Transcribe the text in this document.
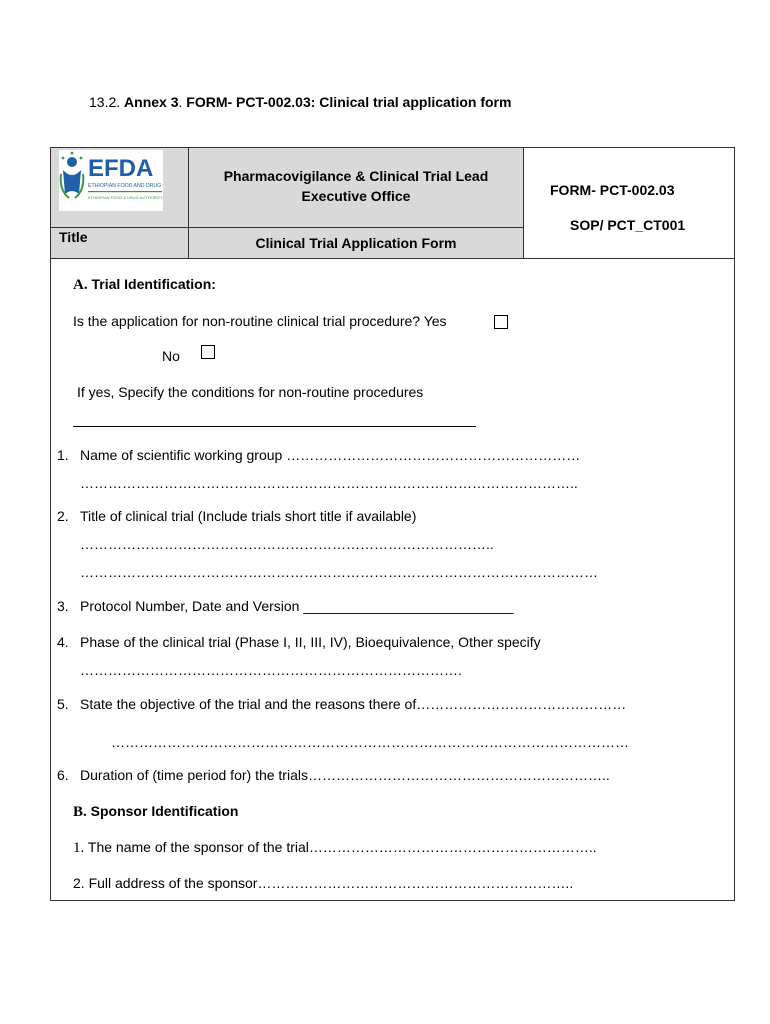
13.2. Annex 3. FORM- PCT-002.03: Clinical trial application form
EFDA
ETHIOPIAN FOOD AND DRUG
ETHIOPIAN FOOD & DRUG AUTHORITY
Title
Pharmacovigilance & Clinical Trial Lead
Executive Office
Clinical Trial Application Form
FORM- PCT-002.03
SOP/ PCT_CT001
A. Trial Identification:
Is the application for non-routine clinical trial procedure? Yes
No
If yes, Specify the conditions for non-routine procedures
1. Name of scientific working group ………………………………………………………
……………………………………………………………………………………………..
2. Title of clinical trial (Include trials short title if available)
……………………………………………………………………………..
…………………………………………………………………………………………………
3. Protocol Number, Date and Version ___________________________
4. Phase of the clinical trial (Phase I, II, III, IV), Bioequivalence, Other specify
……………………………………………………………………….
5. State the objective of the trial and the reasons there of………………………………………
…………………………………………………………………………………………………
6. Duration of (time period for) the trials………………………………………………………..
B. Sponsor Identification
1. The name of the sponsor of the trial……………………………………………………..
2. Full address of the sponsor…………………………………………………………..
